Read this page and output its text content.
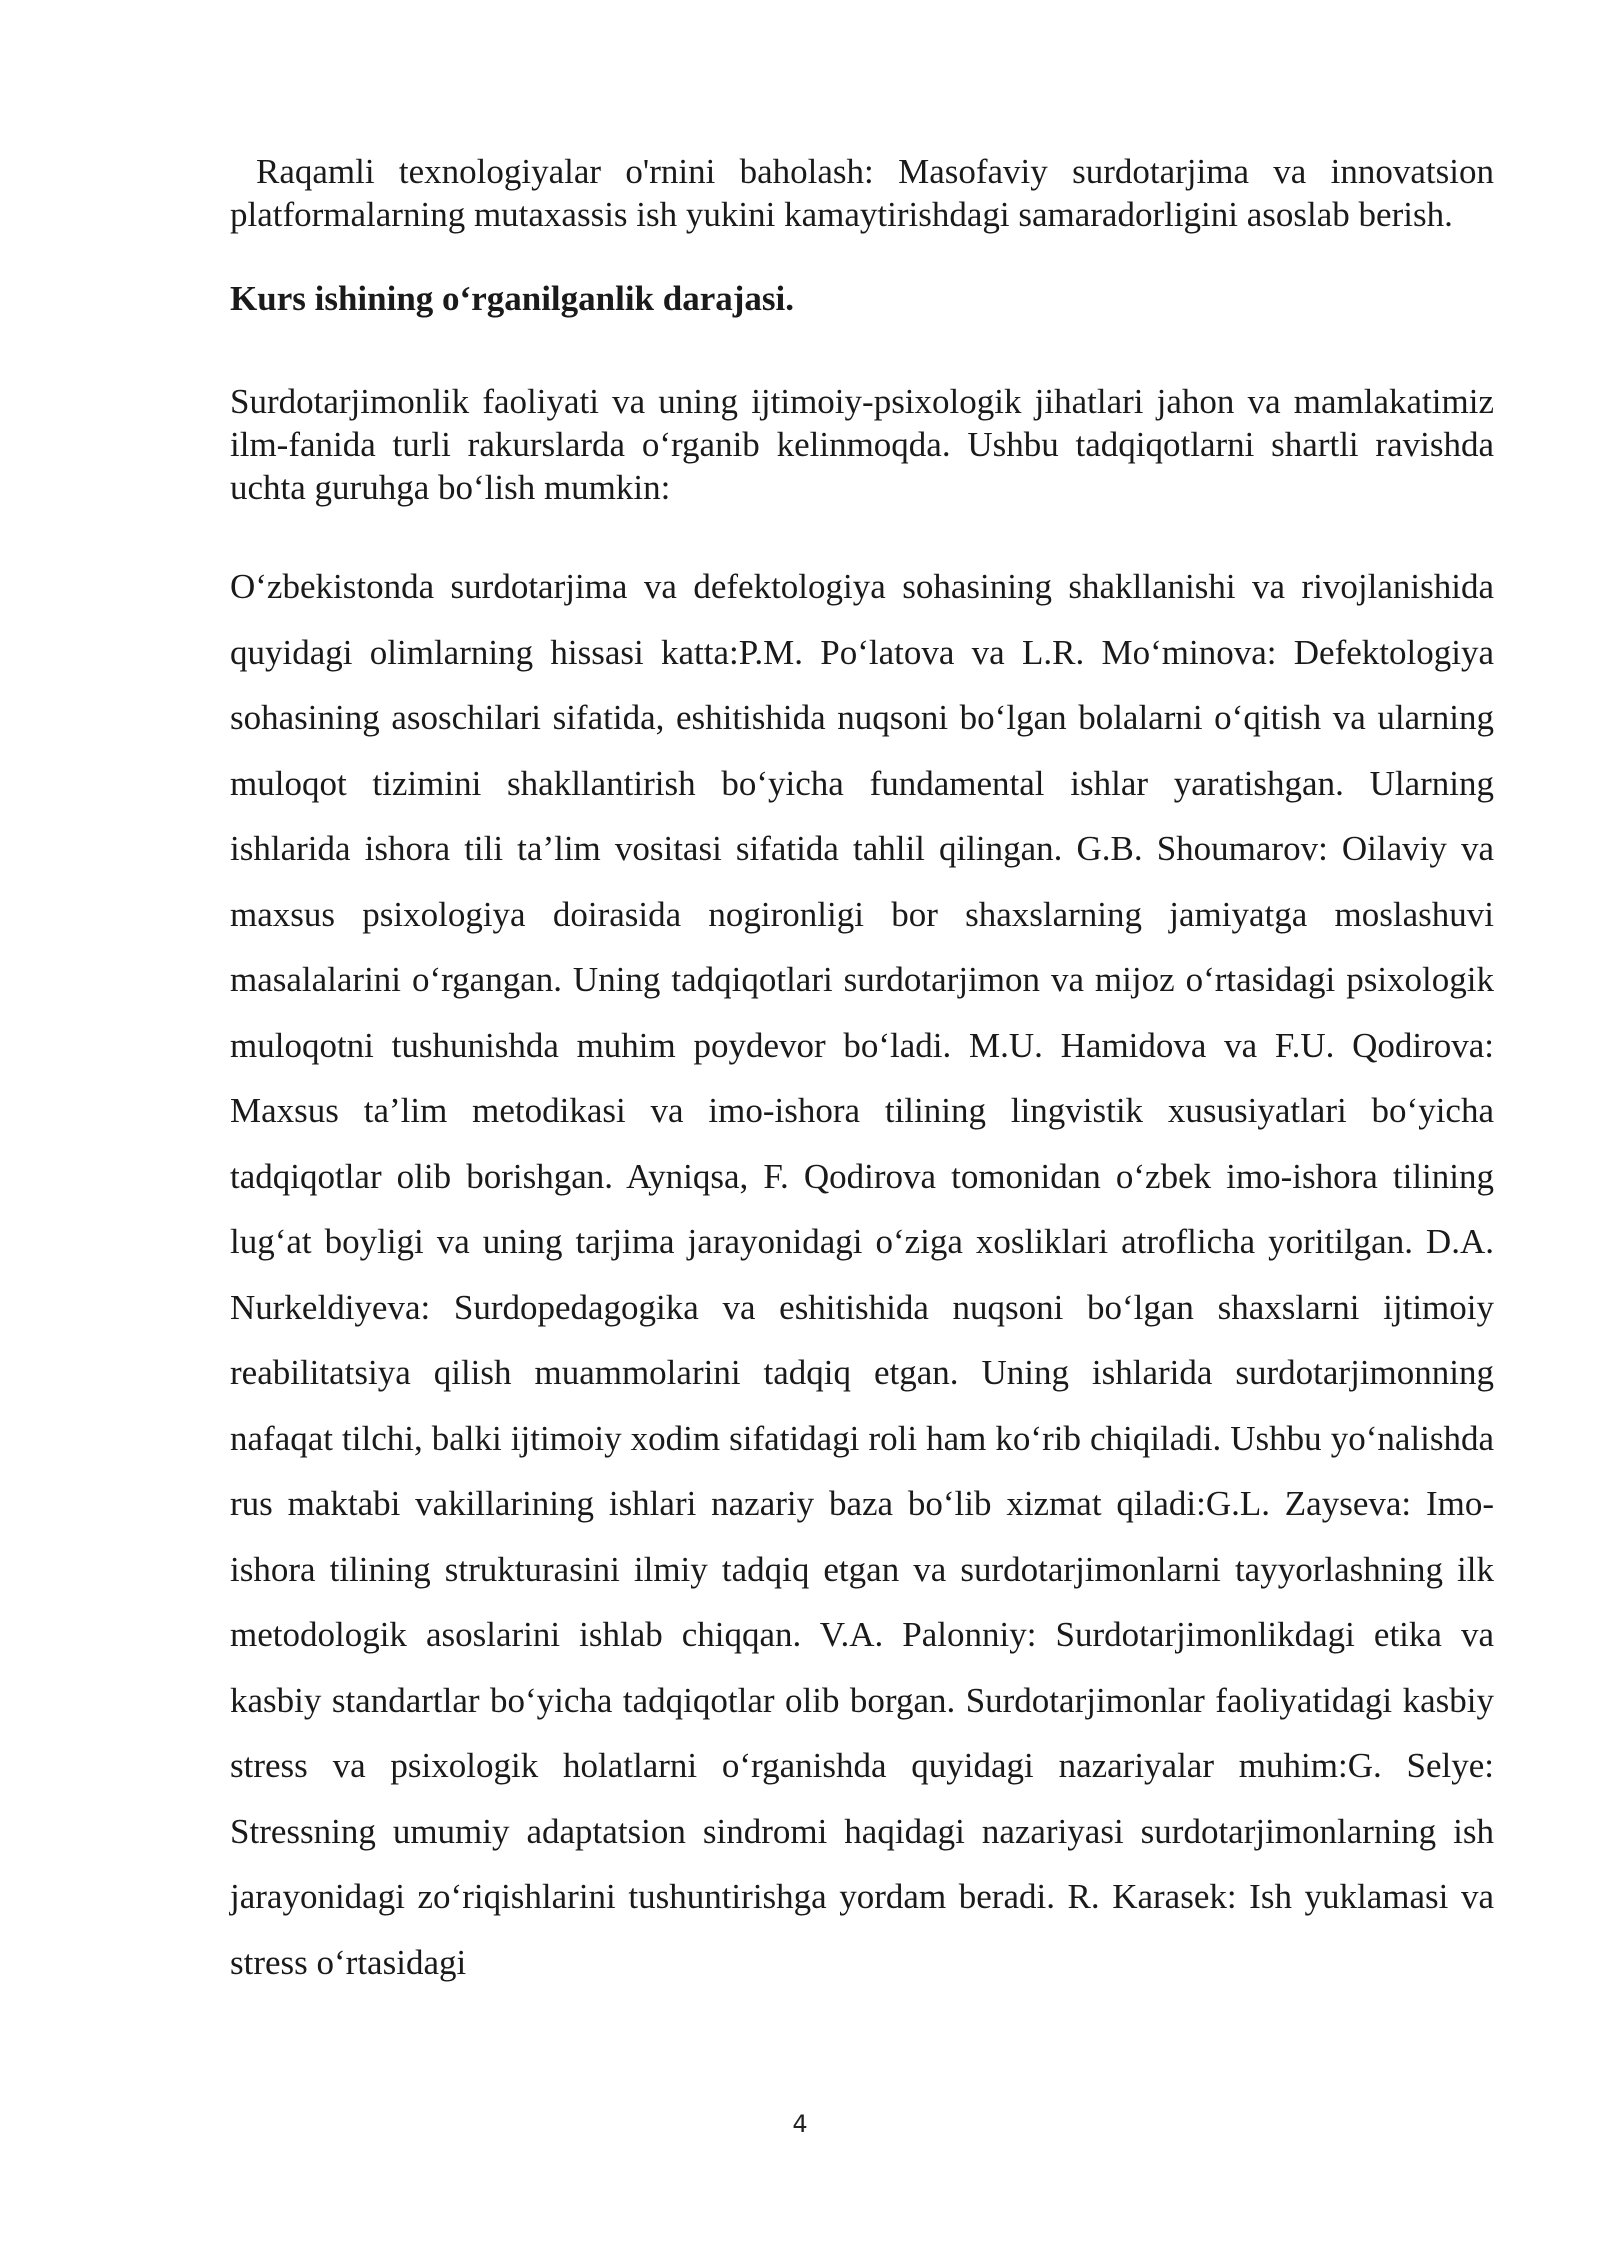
Raqamli texnologiyalar o'rnini baholash: Masofaviy surdotarjima va innovatsion platformalarning mutaxassis ish yukini kamaytirishdagi samaradorligini asoslab berish.

Kurs ishining o‘rganilganlik darajasi.

Surdotarjimonlik faoliyati va uning ijtimoiy-psixologik jihatlari jahon va mamlakatimiz ilm-fanida turli rakurslarda o‘rganib kelinmoqda. Ushbu tadqiqotlarni shartli ravishda uchta guruhga bo‘lish mumkin:

O‘zbekistonda surdotarjima va defektologiya sohasining shakllanishi va rivojlanishida quyidagi olimlarning hissasi katta:P.M. Po‘latova va L.R. Mo‘minova: Defektologiya sohasining asoschilari sifatida, eshitishida nuqsoni bo‘lgan bolalarni o‘qitish va ularning muloqot tizimini shakllantirish bo‘yicha fundamental ishlar yaratishgan. Ularning ishlarida ishora tili ta’lim vositasi sifatida tahlil qilingan. G.B. Shoumarov: Oilaviy va maxsus psixologiya doirasida nogironligi bor shaxslarning jamiyatga moslashuvi masalalarini o‘rgangan. Uning tadqiqotlari surdotarjimon va mijoz o‘rtasidagi psixologik muloqotni tushunishda muhim poydevor bo‘ladi. M.U. Hamidova va F.U. Qodirova: Maxsus ta’lim metodikasi va imo-ishora tilining lingvistik xususiyatlari bo‘yicha tadqiqotlar olib borishgan. Ayniqsa, F. Qodirova tomonidan o‘zbek imo-ishora tilining lug‘at boyligi va uning tarjima jarayonidagi o‘ziga xosliklari atroflicha yoritilgan. D.A. Nurkeldiyeva: Surdopedagogika va eshitishida nuqsoni bo‘lgan shaxslarni ijtimoiy reabilitatsiya qilish muammolarini tadqiq etgan. Uning ishlarida surdotarjimonning nafaqat tilchi, balki ijtimoiy xodim sifatidagi roli ham ko‘rib chiqiladi. Ushbu yo‘nalishda rus maktabi vakillarining ishlari nazariy baza bo‘lib xizmat qiladi:G.L. Zayseva: Imo-ishora tilining strukturasini ilmiy tadqiq etgan va surdotarjimonlarni tayyorlashning ilk metodologik asoslarini ishlab chiqqan. V.A. Palonniy: Surdotarjimonlikdagi etika va kasbiy standartlar bo‘yicha tadqiqotlar olib borgan. Surdotarjimonlar faoliyatidagi kasbiy stress va psixologik holatlarni o‘rganishda quyidagi nazariyalar muhim:G. Selye: Stressning umumiy adaptatsion sindromi haqidagi nazariyasi surdotarjimonlarning ish jarayonidagi zo‘riqishlarini tushuntirishga yordam beradi. R. Karasek: Ish yuklamasi va stress o‘rtasidagi

4
